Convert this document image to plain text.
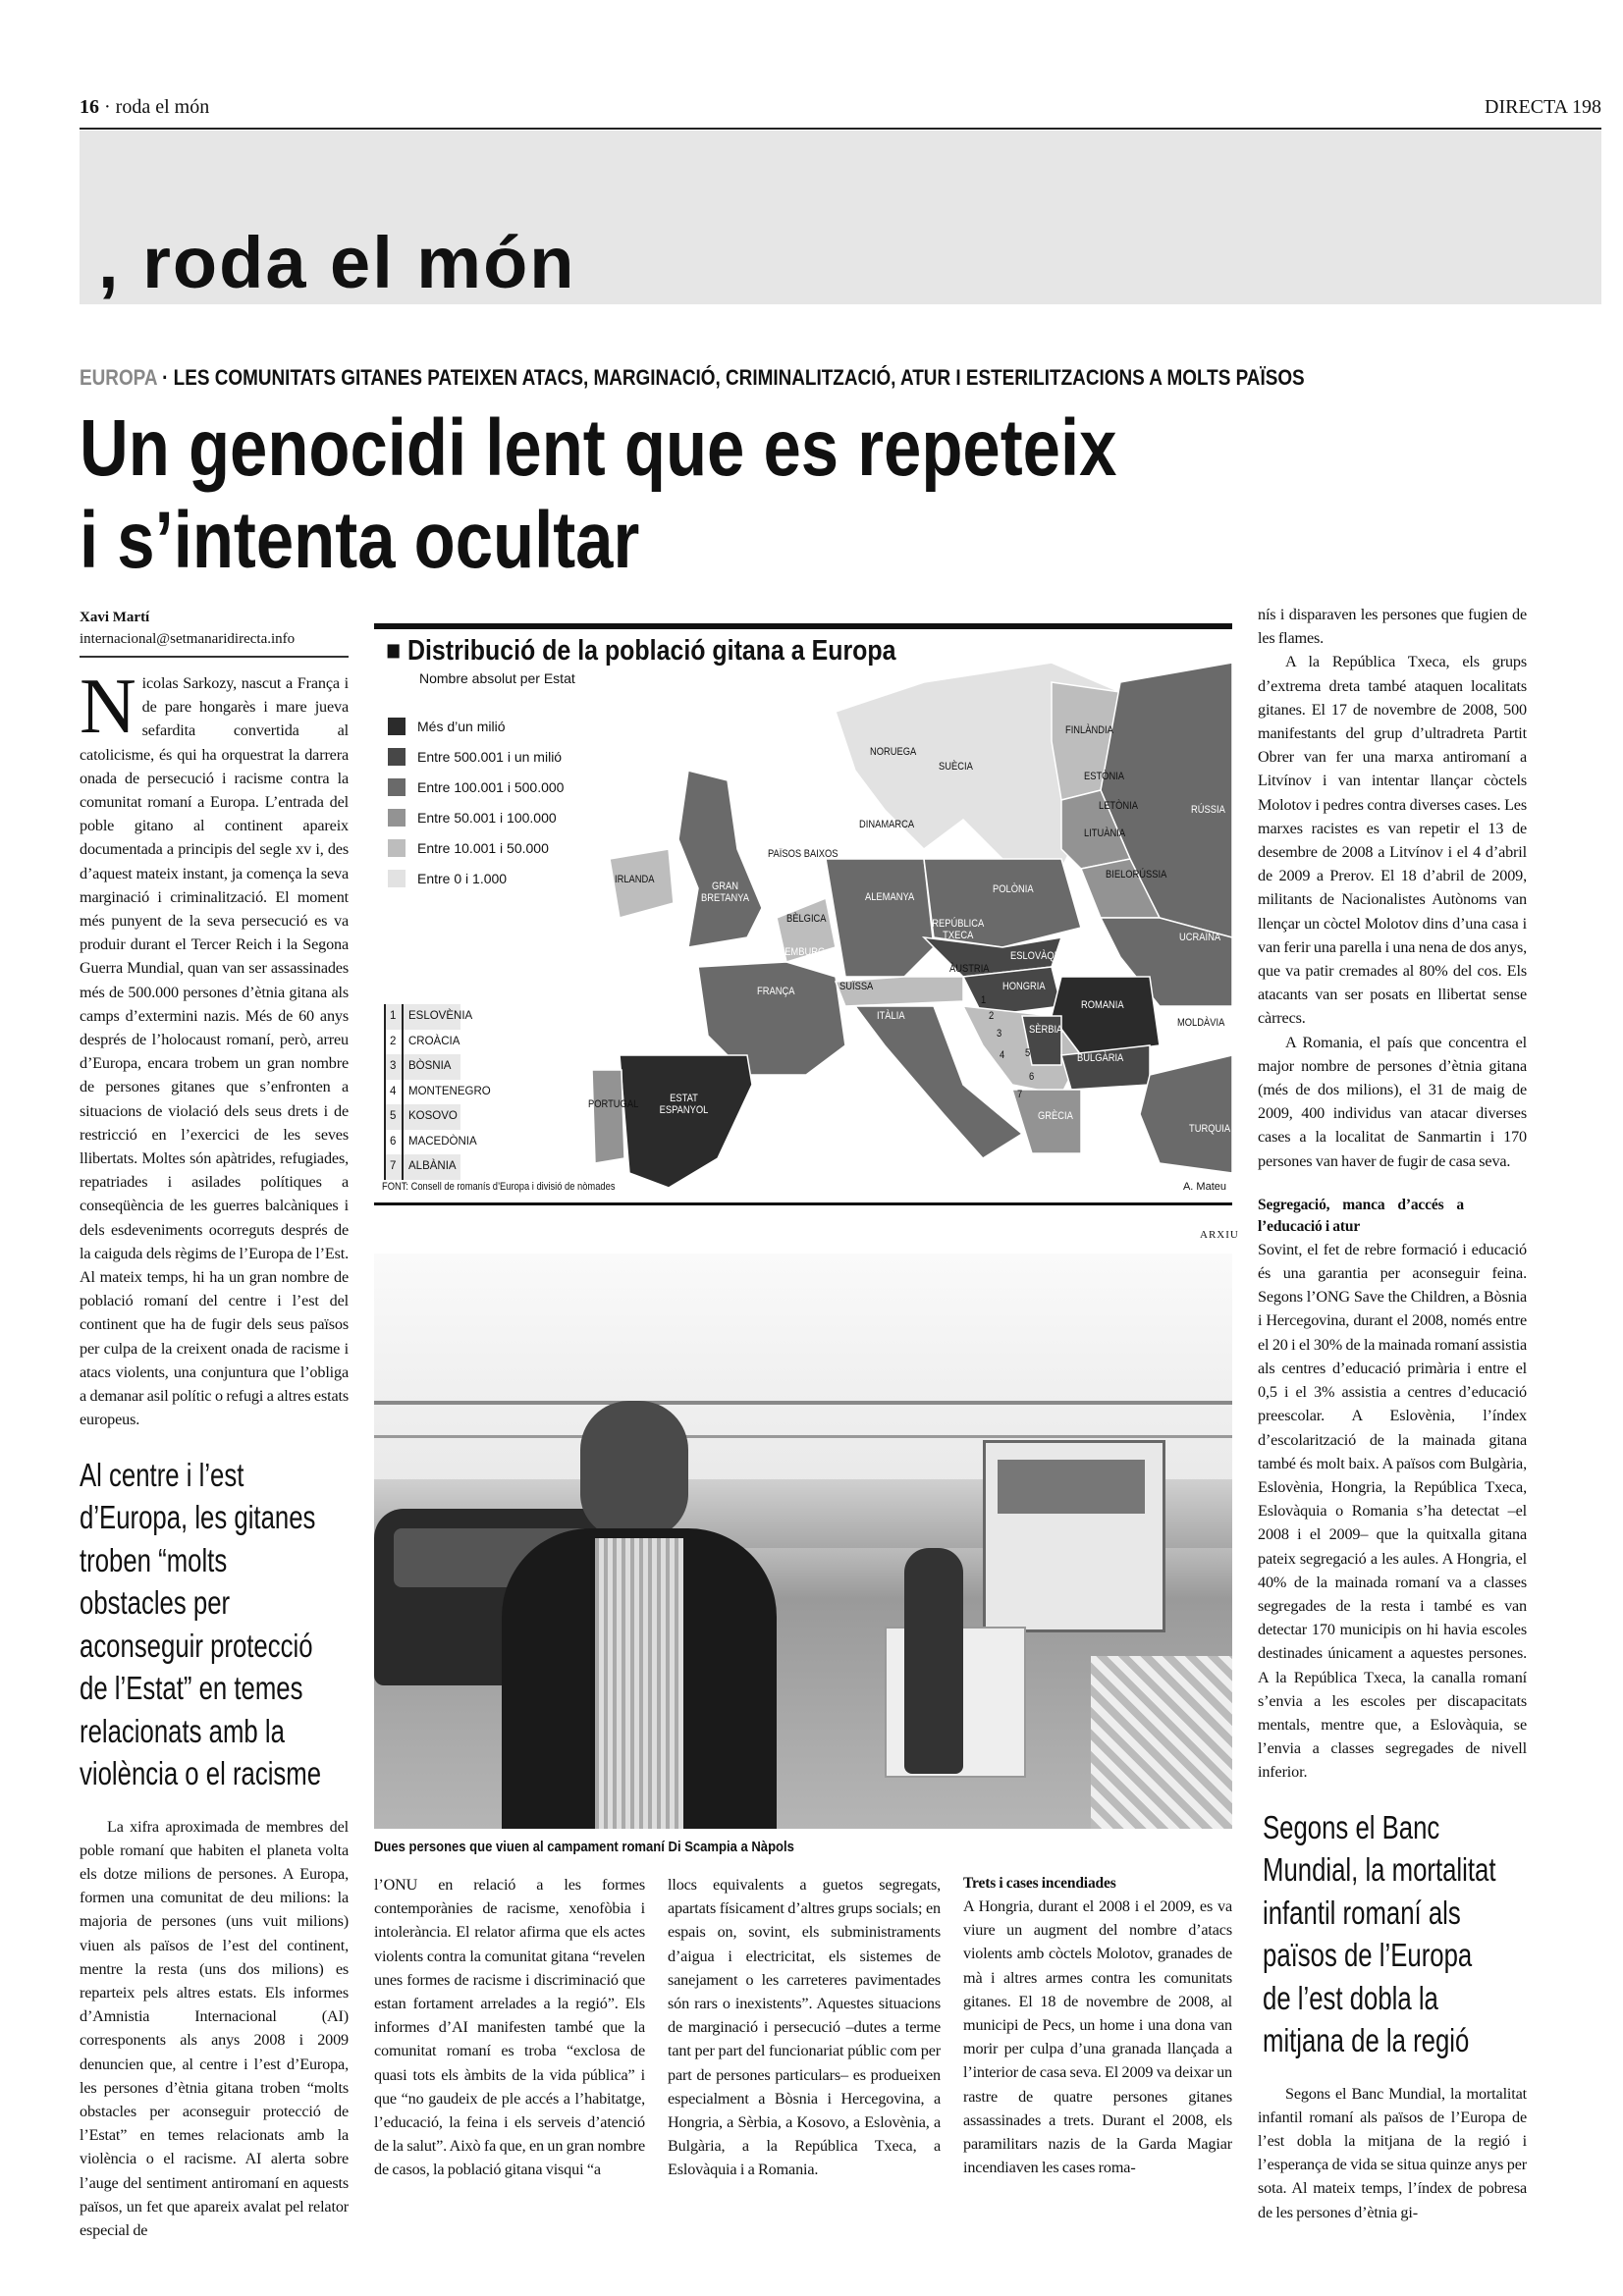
16 · roda el món	DIRECTA 198
, roda el món
EUROPA · LES COMUNITATS GITANES PATEIXEN ATACS, MARGINACIÓ, CRIMINALITZACIÓ, ATUR I ESTERILITZACIONS A MOLTS PAÏSOS
Un genocidi lent que es repeteix
i s’intenta ocultar
Xavi Martí
internacional@setmanaridirecta.info

Nicolas Sarkozy, nascut a França i de pare hongarès i mare jueva sefardita convertida al catolicisme, és qui ha orquestrat la darrera onada de persecució i racisme contra la comunitat romaní a Europa. L’entrada del poble gitano al continent apareix documentada a principis del segle xv i, des d’aquest mateix instant, ja comença la seva marginació i criminalització. El moment més punyent de la seva persecució es va produir durant el Tercer Reich i la Segona Guerra Mundial, quan van ser assassinades més de 500.000 persones d’ètnia gitana als camps d’extermini nazis. Més de 60 anys després de l’holocaust romaní, però, arreu d’Europa, encara trobem un gran nombre de persones gitanes que s’enfronten a situacions de violació dels seus drets i de restricció en l’exercici de les seves llibertats. Moltes són apàtrides, refugiades, repatriades i asilades polítiques a conseqüència de les guerres balcàniques i dels esdeveniments ocorreguts després de la caiguda dels règims de l’Europa de l’Est. Al mateix temps, hi ha un gran nombre de població romaní del centre i l’est del continent que ha de fugir dels seus països per culpa de la creixent onada de racisme i atacs violents, una conjuntura que l’obliga a demanar asil polític o refugi a altres estats europeus.

Al centre i l’est
d’Europa, les gitanes
troben “molts
obstacles per
aconseguir protecció
de l’Estat” en temes
relacionats amb la
violència o el racisme

La xifra aproximada de membres del poble romaní que habiten el planeta volta els dotze milions de persones. A Europa, formen una comunitat de deu milions: la majoria de persones (uns vuit milions) viuen als països de l’est del continent, mentre la resta (uns dos milions) es reparteix pels altres estats. Els informes d’Amnistia Internacional (AI) corresponents als anys 2008 i 2009 denuncien que, al centre i l’est d’Europa, les persones d’ètnia gitana troben “molts obstacles per aconseguir protecció de l’Estat” en temes relacionats amb la violència o el racisme. AI alerta sobre l’auge del sentiment antiromaní en aquests països, un fet que apareix avalat pel relator especial de

■ Distribució de la població gitana a Europa
Nombre absolut per Estat
Més d’un milió
Entre 500.001 i un milió
Entre 100.001 i 500.000
Entre 50.001 i 100.000
Entre 10.001 i 50.000
Entre 0 i 1.000
FINLÀNDIA
NORUEGA
SUÈCIA
ESTÒNIA
LETÒNIA
LITUÀNIA
RÚSSIA
DINAMARCA
BIELORÚSSIA
PAÏSOS BAIXOS
IRLANDA
GRAN BRETANYA	ALEMANYA
POLÒNIA
BÈLGICA	REPÚBLICA TXECA
LUXEMBURG	ESLOVÀQUIA
UCRAÏNA
ÀUSTRIA
HONGRIA
FRANÇA	SUÏSSA
ROMANIA
MOLDÀVIA
ITÀLIA
SÈRBIA
BULGÀRIA
PORTUGAL	ESTAT ESPANYOL	GRÈCIA
TURQUIA
1
2
3
4 5
6
7
1 ESLOVÈNIA
2 CROÀCIA
3 BÒSNIA
4 MONTENEGRO
5 KOSOVO
6 MACEDÒNIA
7 ALBÀNIA
FONT: Consell de romanís d’Europa i divisió de nòmades	A. Mateu
ARXIU
Dues persones que viuen al campament romaní Di Scampia a Nàpols

l’ONU en relació a les formes contemporànies de racisme, xenofòbia i intolerància. El relator afirma que els actes violents contra la comunitat gitana “revelen unes formes de racisme i discriminació que estan fortament arrelades a la regió”. Els informes d’AI manifesten també que la comunitat romaní es troba “exclosa de quasi tots els àmbits de la vida pública” i que “no gaudeix de ple accés a l’habitatge, l’educació, la feina i els serveis d’atenció de la salut”. Això fa que, en un gran nombre de casos, la població gitana visqui “a

llocs equivalents a guetos segregats, apartats físicament d’altres grups socials; en espais on, sovint, els subministraments d’aigua i electricitat, els sistemes de sanejament o les carreteres pavimentades són rars o inexistents”. Aquestes situacions de marginació i persecució –dutes a terme tant per part del funcionariat públic com per part de persones particulars– es produeixen especialment a Bòsnia i Hercegovina, a Hongria, a Sèrbia, a Kosovo, a Eslovènia, a Bulgària, a la República Txeca, a Eslovàquia i a Romania.

Trets i cases incendiades

A Hongria, durant el 2008 i el 2009, es va viure un augment del nombre d’atacs violents amb còctels Molotov, granades de mà i altres armes contra les comunitats gitanes. El 18 de novembre de 2008, al municipi de Pecs, un home i una dona van morir per culpa d’una granada llançada a l’interior de casa seva. El 2009 va deixar un rastre de quatre persones gitanes assassinades a trets. Durant el 2008, els paramilitars nazis de la Garda Magiar incendiaven les cases roma-

nís i disparaven les persones que fugien de les flames.

A la República Txeca, els grups d’extrema dreta també ataquen localitats gitanes. El 17 de novembre de 2008, 500 manifestants del grup d’ultradreta Partit Obrer van fer una marxa antiromaní a Litvínov i van intentar llançar còctels Molotov i pedres contra diverses cases. Les marxes racistes es van repetir el 13 de desembre de 2008 a Litvínov i el 4 d’abril de 2009 a Prerov. El 18 d’abril de 2009, militants de Nacionalistes Autònoms van llençar un còctel Molotov dins d’una casa i van ferir una parella i una nena de dos anys, que va patir cremades al 80% del cos. Els atacants van ser posats en llibertat sense càrrecs.

A Romania, el país que concentra el major nombre de persones d’ètnia gitana (més de dos milions), el 31 de maig de 2009, 400 individus van atacar diverses cases a la localitat de Sanmartin i 170 persones van haver de fugir de casa seva.

Segregació, manca d’accés a l’educació i atur

Sovint, el fet de rebre formació i educació és una garantia per aconseguir feina. Segons l’ONG Save the Children, a Bòsnia i Hercegovina, durant el 2008, només entre el 20 i el 30% de la mainada romaní assistia als centres d’educació primària i entre el 0,5 i el 3% assistia a centres d’educació preescolar. A Eslovènia, l’índex d’escolarització de la mainada gitana també és molt baix. A països com Bulgària, Eslovènia, Hongria, la República Txeca, Eslovàquia o Romania s’ha detectat –el 2008 i el 2009– que la quitxalla gitana pateix segregació a les aules. A Hongria, el 40% de la mainada romaní va a classes segregades de la resta i també es van detectar 170 municipis on hi havia escoles destinades únicament a aquestes persones. A la República Txeca, la canalla romaní s’envia a les escoles per discapacitats mentals, mentre que, a Eslovàquia, se l’envia a classes segregades de nivell inferior.

Segons el Banc
Mundial, la mortalitat
infantil romaní als
països de l’Europa
de l’est dobla la
mitjana de la regió

Segons el Banc Mundial, la mortalitat infantil romaní als països de l’Europa de l’est dobla la mitjana de la regió i l’esperança de vida se situa quinze anys per sota. Al mateix temps, l’índex de pobresa de les persones d’ètnia gi-
